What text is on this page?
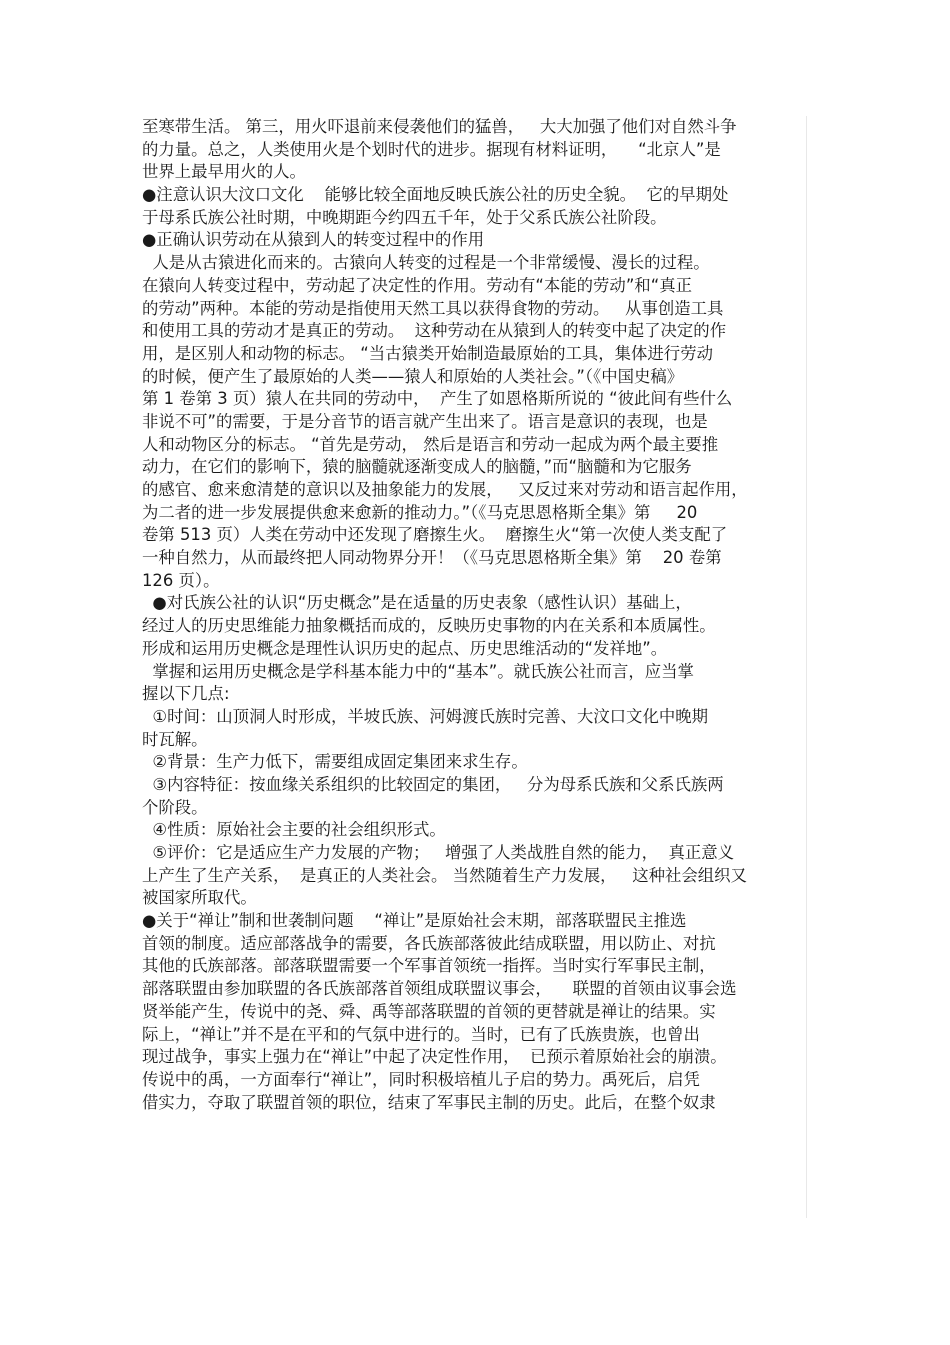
至寒带生活。 第三，用火吓退前来侵袭他们的猛兽，   大大加强了他们对自然斗争
的力量。总之，人类使用火是个划时代的进步。据现有材料证明，    “北京人”是
世界上最早用火的人。
●注意认识大汶口文化    能够比较全面地反映氏族公社的历史全貌。  它的早期处
于母系氏族公社时期，中晚期距今约四五千年，处于父系氏族公社阶段。
●正确认识劳动在从猿到人的转变过程中的作用
人是从古猿进化而来的。古猿向人转变的过程是一个非常缓慢、漫长的过程。
在猿向人转变过程中，劳动起了决定性的作用。劳动有“本能的劳动”和“真正
的劳动”两种。本能的劳动是指使用天然工具以获得食物的劳动。   从事创造工具
和使用工具的劳动才是真正的劳动。  这种劳动在从猿到人的转变中起了决定的作
用，是区别人和动物的标志。 “当古猿类开始制造最原始的工具，集体进行劳动
的时候，便产生了最原始的人类——猿人和原始的人类社会。”（《中国史稿》
第 1 卷第 3 页）猿人在共同的劳动中，  产生了如恩格斯所说的 “彼此间有些什么
非说不可”的需要，于是分音节的语言就产生出来了。语言是意识的表现，也是
人和动物区分的标志。 “首先是劳动， 然后是语言和劳动一起成为两个最主要推
动力，在它们的影响下，猿的脑髓就逐渐变成人的脑髓，”而“脑髓和为它服务
的感官、愈来愈清楚的意识以及抽象能力的发展，   又反过来对劳动和语言起作用，
为二者的进一步发展提供愈来愈新的推动力。”（《马克思恩格斯全集》第     20
卷第 513 页）人类在劳动中还发现了磨擦生火。  磨擦生火“第一次使人类支配了
一种自然力，从而最终把人同动物界分开！（《马克思恩格斯全集》第    20 卷第
126 页）。
●对氏族公社的认识“历史概念”是在适量的历史表象（感性认识）基础上，
经过人的历史思维能力抽象概括而成的，反映历史事物的内在关系和本质属性。
形成和运用历史概念是理性认识历史的起点、历史思维活动的“发祥地”。
掌握和运用历史概念是学科基本能力中的“基本”。就氏族公社而言，应当掌
握以下几点:
①时间：山顶洞人时形成，半坡氏族、河姆渡氏族时完善、大汶口文化中晚期
时瓦解。
②背景：生产力低下，需要组成固定集团来求生存。
③内容特征：按血缘关系组织的比较固定的集团，   分为母系氏族和父系氏族两
个阶段。
④性质：原始社会主要的社会组织形式。
⑤评价：它是适应生产力发展的产物；   增强了人类战胜自然的能力，  真正意义
上产生了生产关系，  是真正的人类社会。 当然随着生产力发展，   这种社会组织又
被国家所取代。
●关于“禅让”制和世袭制问题    “禅让”是原始社会末期，部落联盟民主推选
首领的制度。适应部落战争的需要，各氏族部落彼此结成联盟，用以防止、对抗
其他的氏族部落。部落联盟需要一个军事首领统一指挥。当时实行军事民主制，
部落联盟由参加联盟的各氏族部落首领组成联盟议事会，    联盟的首领由议事会选
贤举能产生，传说中的尧、舜、禹等部落联盟的首领的更替就是禅让的结果。实
际上，“禅让”并不是在平和的气氛中进行的。当时，已有了氏族贵族，也曾出
现过战争，事实上强力在“禅让”中起了决定性作用，  已预示着原始社会的崩溃。
传说中的禹，一方面奉行“禅让”，同时积极培植儿子启的势力。禹死后，启凭
借实力，夺取了联盟首领的职位，结束了军事民主制的历史。此后，在整个奴隶
